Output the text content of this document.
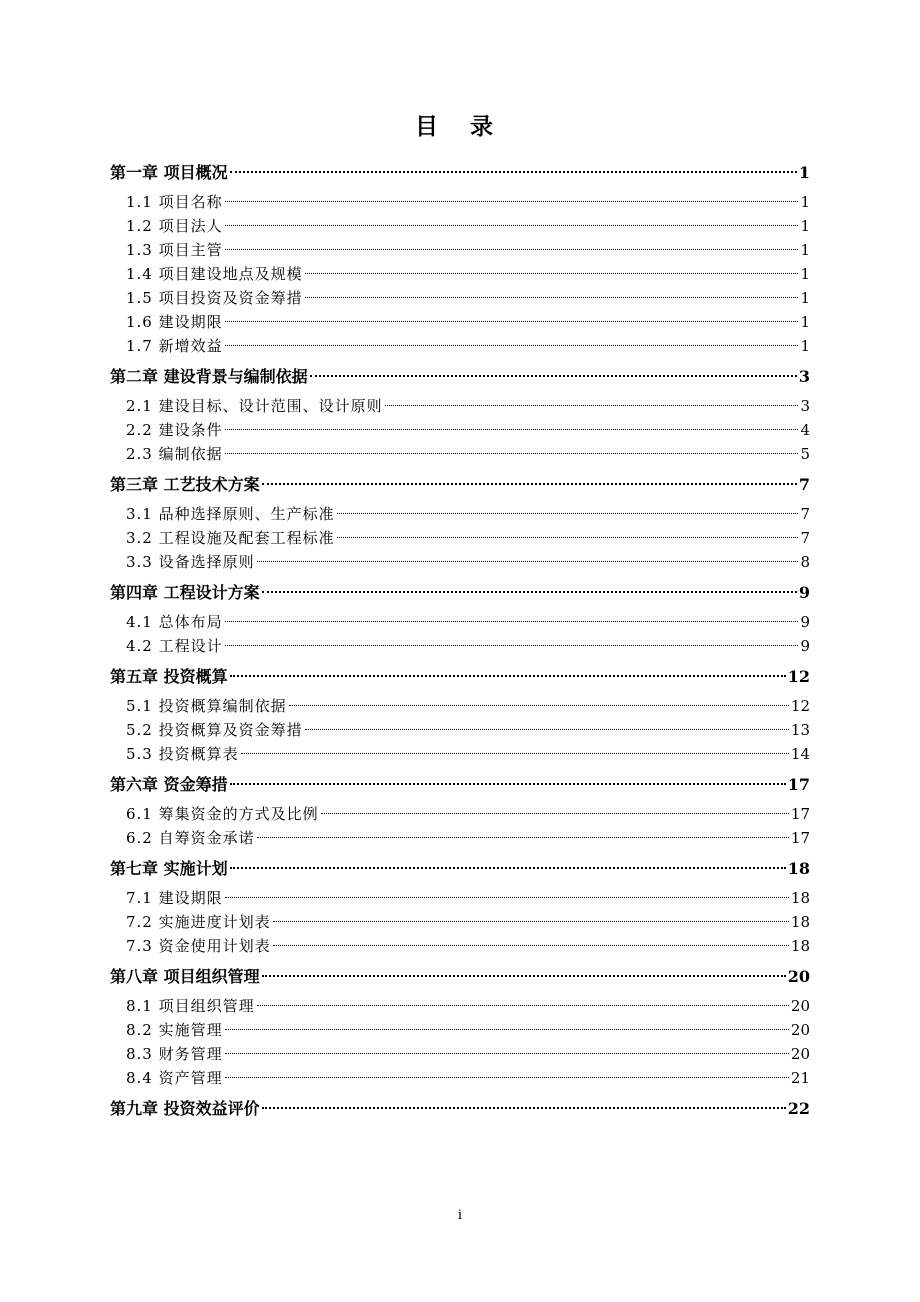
目 录
第一章 项目概况	1
1.1 项目名称	1
1.2 项目法人	1
1.3 项目主管	1
1.4 项目建设地点及规模	1
1.5 项目投资及资金筹措	1
1.6 建设期限	1
1.7 新增效益	1
第二章 建设背景与编制依据	3
2.1 建设目标、设计范围、设计原则	3
2.2 建设条件	4
2.3 编制依据	5
第三章 工艺技术方案	7
3.1 品种选择原则、生产标准	7
3.2 工程设施及配套工程标准	7
3.3 设备选择原则	8
第四章 工程设计方案	9
4.1 总体布局	9
4.2 工程设计	9
第五章 投资概算	12
5.1 投资概算编制依据	12
5.2 投资概算及资金筹措	13
5.3 投资概算表	14
第六章 资金筹措	17
6.1 筹集资金的方式及比例	17
6.2 自筹资金承诺	17
第七章 实施计划	18
7.1 建设期限	18
7.2 实施进度计划表	18
7.3 资金使用计划表	18
第八章 项目组织管理	20
8.1 项目组织管理	20
8.2 实施管理	20
8.3 财务管理	20
8.4 资产管理	21
第九章 投资效益评价	22
i
